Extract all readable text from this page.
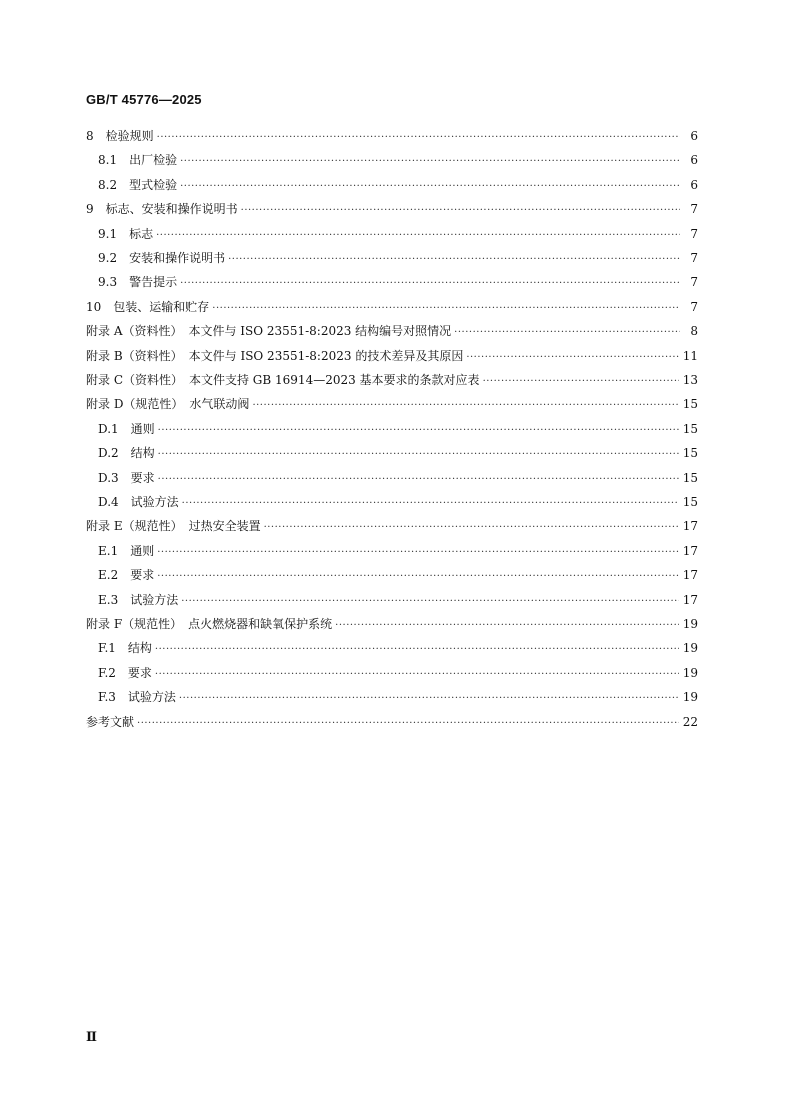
GB/T 45776—2025
8　检验规则 ·····	6
8.1　出厂检验 ·····	6
8.2　型式检验 ·····	6
9　标志、安装和操作说明书 ·····	7
9.1　标志 ·····	7
9.2　安装和操作说明书 ·····	7
9.3　警告提示 ·····	7
10　包装、运输和贮存 ·····	7
附录 A（资料性）　本文件与 ISO 23551-8:2023 结构编号对照情况 ·····	8
附录 B（资料性）　本文件与 ISO 23551-8:2023 的技术差异及其原因 ·····	11
附录 C（资料性）　本文件支持 GB 16914—2023 基本要求的条款对应表 ·····	13
附录 D（规范性）　水气联动阀 ·····	15
D.1　通则 ·····	15
D.2　结构 ·····	15
D.3　要求 ·····	15
D.4　试验方法 ·····	15
附录 E（规范性）　过热安全装置 ·····	17
E.1　通则 ·····	17
E.2　要求 ·····	17
E.3　试验方法 ·····	17
附录 F（规范性）　点火燃烧器和缺氧保护系统 ·····	19
F.1　结构 ·····	19
F.2　要求 ·····	19
F.3　试验方法 ·····	19
参考文献 ·····	22
Ⅱ
